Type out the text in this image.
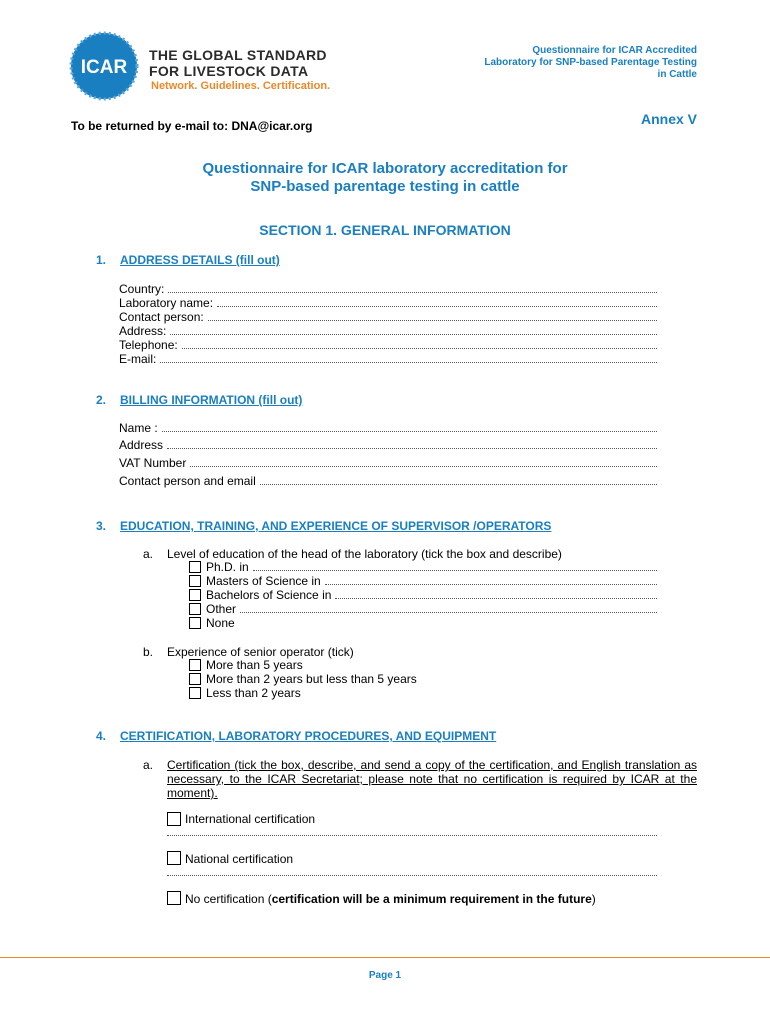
ICAR
THE GLOBAL STANDARD
FOR LIVESTOCK DATA
Network. Guidelines. Certification.
Questionnaire for ICAR Accredited
Laboratory for SNP-based Parentage Testing
in Cattle
Annex V
To be returned by e-mail to: DNA@icar.org
Questionnaire for ICAR laboratory accreditation for
SNP-based parentage testing in cattle
SECTION 1. GENERAL INFORMATION
1. ADDRESS DETAILS (fill out)
Country:
Laboratory name:
Contact person:
Address:
Telephone:
E-mail:
2. BILLING INFORMATION (fill out)
Name :
Address
VAT Number
Contact person and email
3. EDUCATION, TRAINING, AND EXPERIENCE OF SUPERVISOR /OPERATORS
a. Level of education of the head of the laboratory (tick the box and describe)
Ph.D. in
Masters of Science in
Bachelors of Science in
Other
None
b. Experience of senior operator (tick)
More than 5 years
More than 2 years but less than 5 years
Less than 2 years
4. CERTIFICATION, LABORATORY PROCEDURES, AND EQUIPMENT
a. Certification (tick the box, describe, and send a copy of the certification, and English translation as necessary, to the ICAR Secretariat; please note that no certification is required by ICAR at the moment).
International certification
National certification
No certification (certification will be a minimum requirement in the future)
Page 1
